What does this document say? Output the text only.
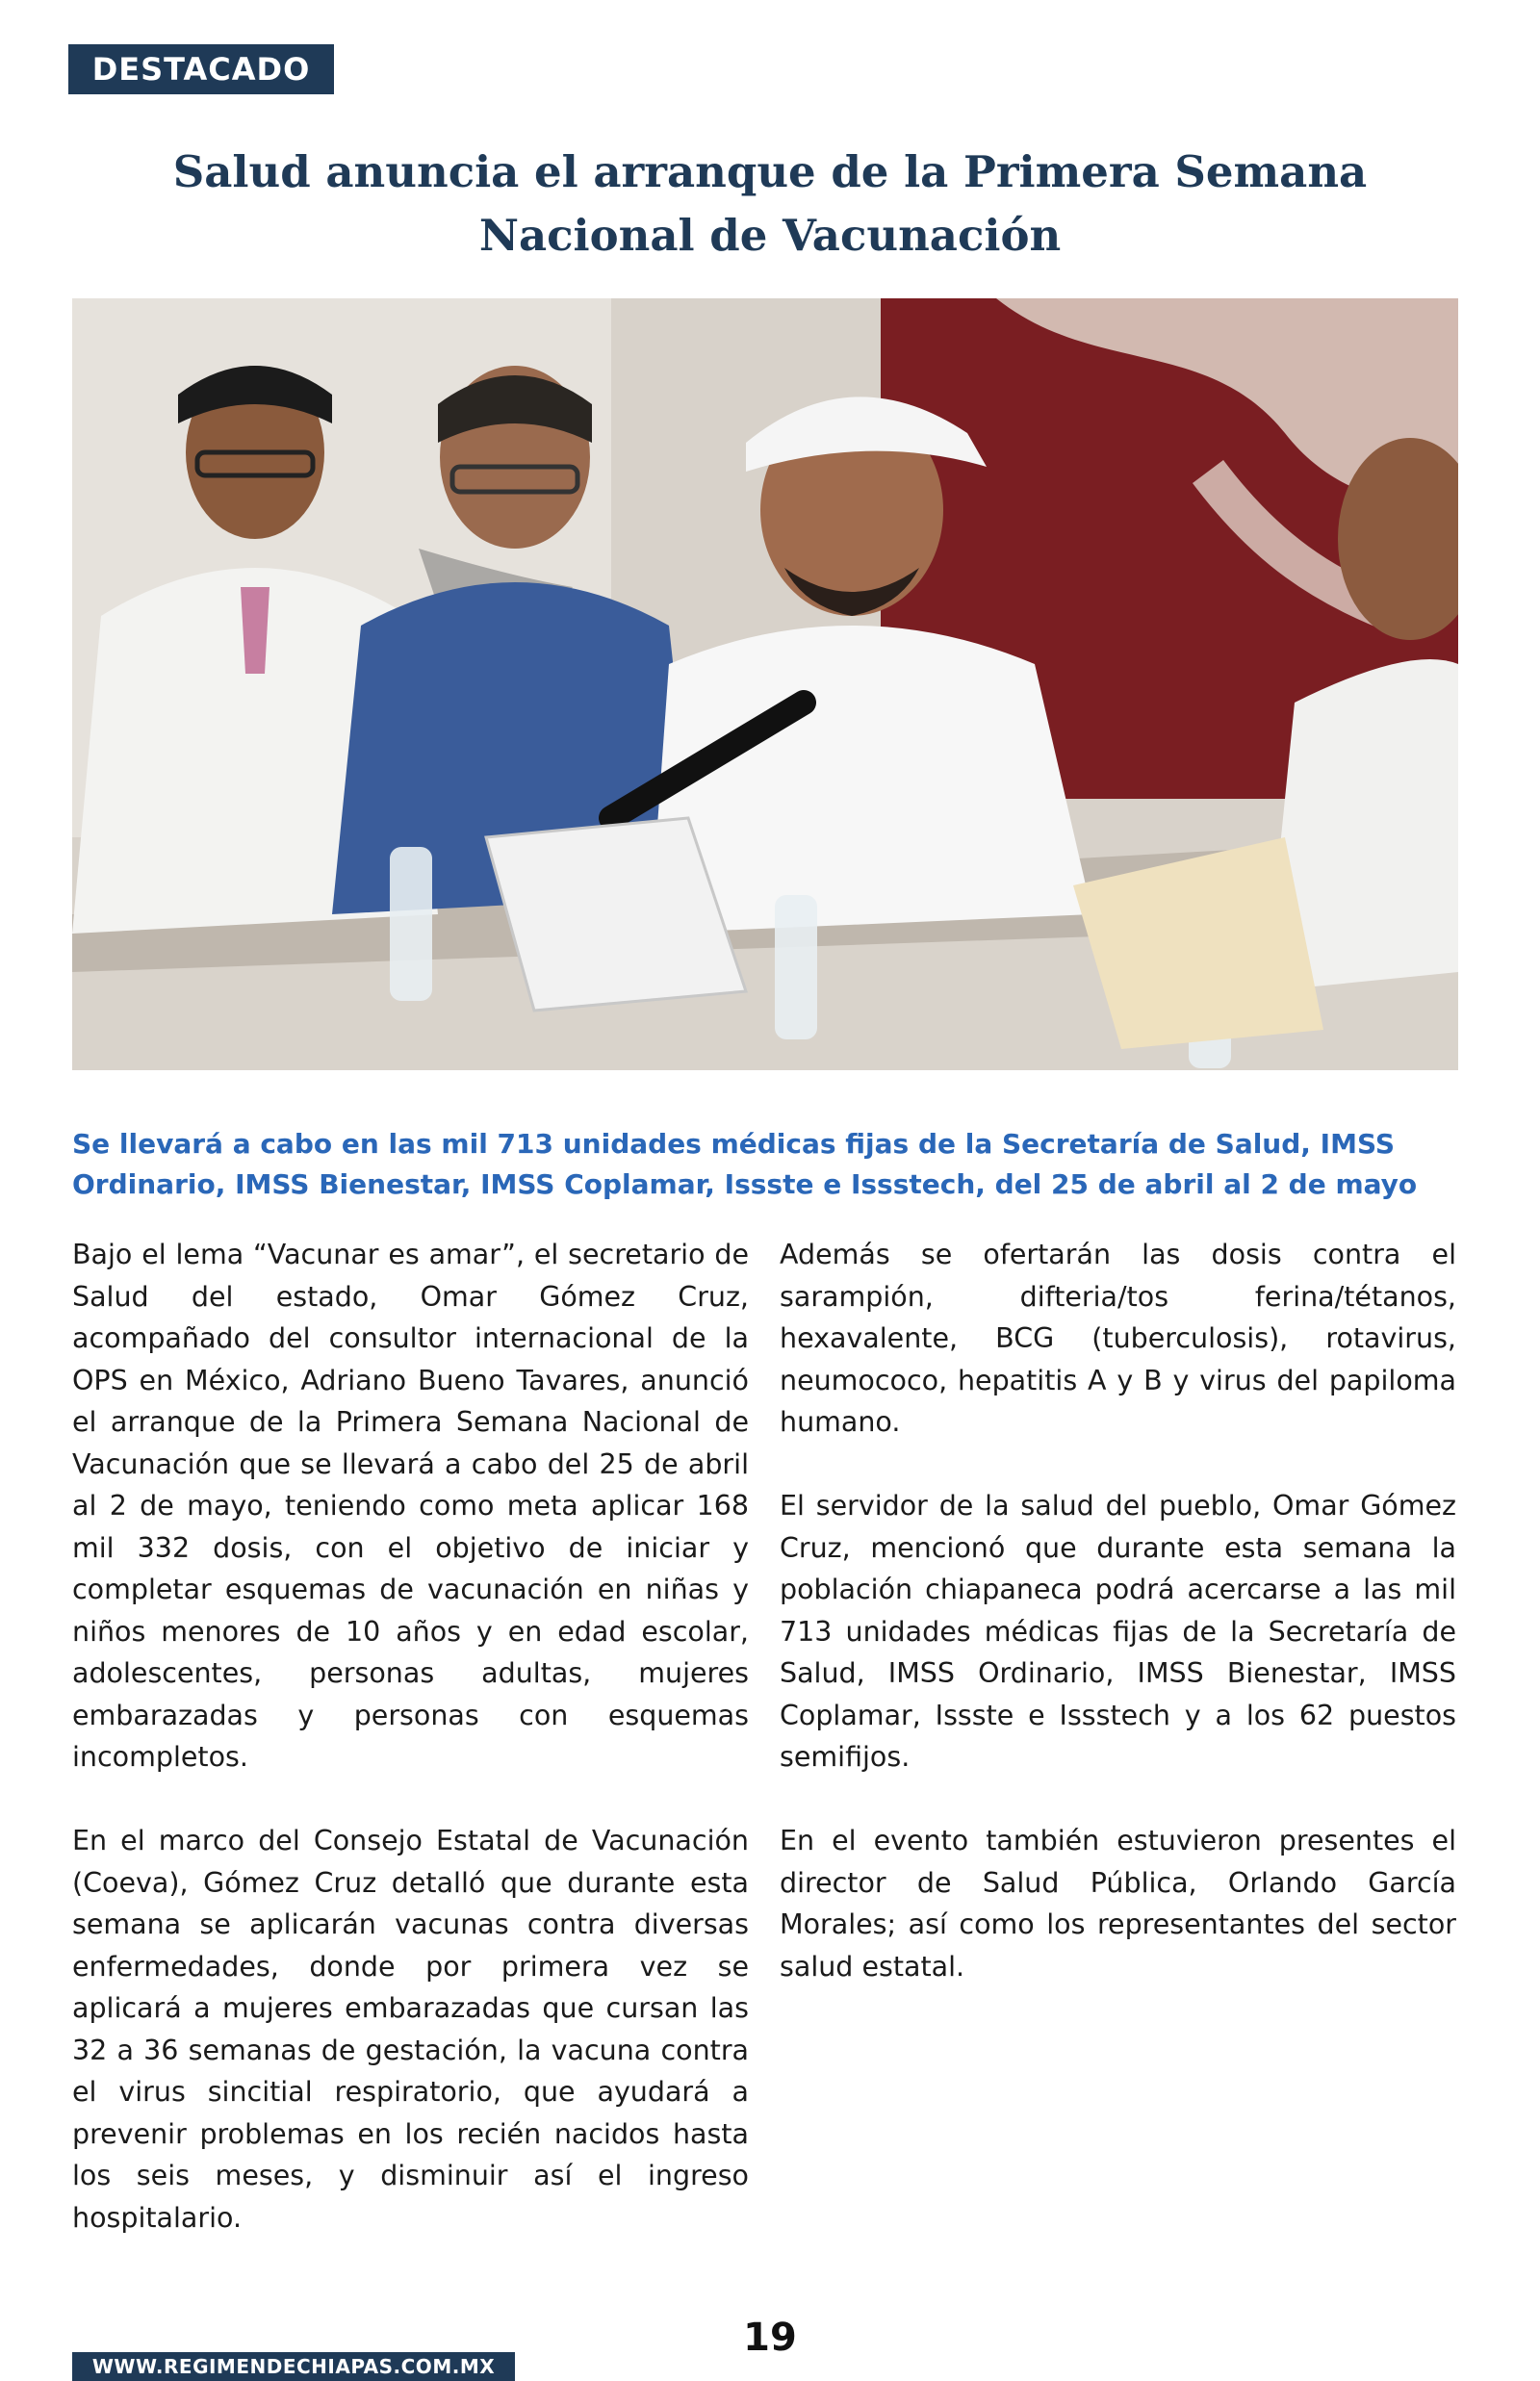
DESTACADO
Salud anuncia el arranque de la Primera Semana Nacional de Vacunación

Se llevará a cabo en las mil 713 unidades médicas fijas de la Secretaría de Salud, IMSS Ordinario, IMSS Bienestar, IMSS Coplamar, Issste e Issstech, del 25 de abril al 2 de mayo

Bajo el lema “Vacunar es amar”, el secretario de Salud del estado, Omar Gómez Cruz, acompañado del consultor internacional de la OPS en México, Adriano Bueno Tavares, anunció el arranque de la Primera Semana Nacional de Vacunación que se llevará a cabo del 25 de abril al 2 de mayo, teniendo como meta aplicar 168 mil 332 dosis, con el objetivo de iniciar y completar esquemas de vacunación en niñas y niños menores de 10 años y en edad escolar, adolescentes, personas adultas, mujeres embarazadas y personas con esquemas incompletos.

En el marco del Consejo Estatal de Vacunación (Coeva), Gómez Cruz detalló que durante esta semana se aplicarán vacunas contra diversas enfermedades, donde por primera vez se aplicará a mujeres embarazadas que cursan las 32 a 36 semanas de gestación, la vacuna contra el virus sincitial respiratorio, que ayudará a prevenir problemas en los recién nacidos hasta los seis meses, y disminuir así el ingreso hospitalario.

Además se ofertarán las dosis contra el sarampión, difteria/tos ferina/tétanos, hexavalente, BCG (tuberculosis), rotavirus, neumococo, hepatitis A y B y virus del papiloma humano.

El servidor de la salud del pueblo, Omar Gómez Cruz, mencionó que durante esta semana la población chiapaneca podrá acercarse a las mil 713 unidades médicas fijas de la Secretaría de Salud, IMSS Ordinario, IMSS Bienestar, IMSS Coplamar, Issste e Issstech y a los 62 puestos semifijos.

En el evento también estuvieron presentes el director de Salud Pública, Orlando García Morales; así como los representantes del sector salud estatal.

19
WWW.REGIMENDECHIAPAS.COM.MX
